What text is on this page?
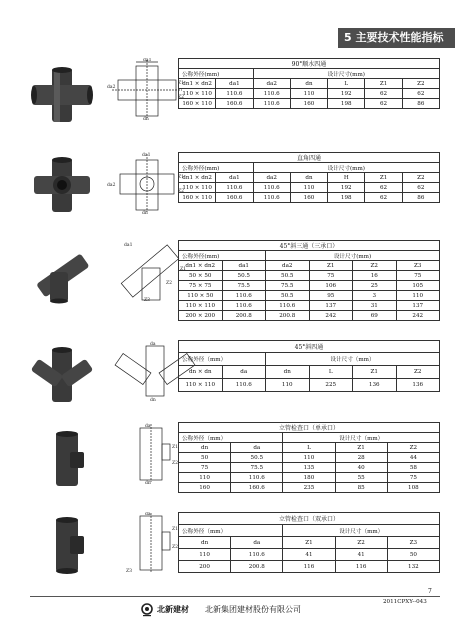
5 主要技术性能指标
da1
da2
Z1
Z2
dn
90°顺水四通						
公称外径(mm)		设计尺寸(mm)				
dn1 × dn2	da1	da2	dn	L	Z1	Z2
110 × 110	110.6	110.6	110	192	62	62
160 × 110	160.6	110.6	160	198	62	86
da1
da2
Z1
Z2
dn
直角四通						
公称外径(mm)		设计尺寸(mm)				
dn1 × dn2	da1	da2	dn	H	Z1	Z2
110 × 110	110.6	110.6	110	192	62	62
160 × 110	160.6	110.6	160	198	62	86
da1
Z1
Z2
Z3
45°斜三通（三承口）					
公称外径(mm)		设计尺寸(mm)			
dn1 × dn2	da1	da2	Z1	Z2	Z3
50 × 50	50.5	50.5	75	16	75
75 × 75	75.5	75.5	106	25	105
110 × 50	110.6	50.5	95	3	110
110 × 110	110.6	110.6	137	31	137
200 × 200	200.8	200.8	242	69	242
da
dn
45°斜四通					
公称外径（mm）		设计尺寸（mm）			
dn × dn	da	dn	L	Z1	Z2
110 × 110	110.6	110	225	136	136
da
Z1
Z2
dn
立管检查口（单承口）				
公称外径（mm）		设计尺寸（mm）		
dn	da	L	Z1	Z2
50	50.5	110	28	44
75	75.5	135	40	58
110	110.6	180	55	75
160	160.6	235	85	108
da
Z1
Z2
Z3
立管检查口（双承口）				
公称外径（mm）		设计尺寸（mm）		
dn	da	Z1	Z2	Z3
110	110.6	41	41	50
200	200.8	116	116	132
7
2011CPXY--043
北新建材 北新集团建材股份有限公司
